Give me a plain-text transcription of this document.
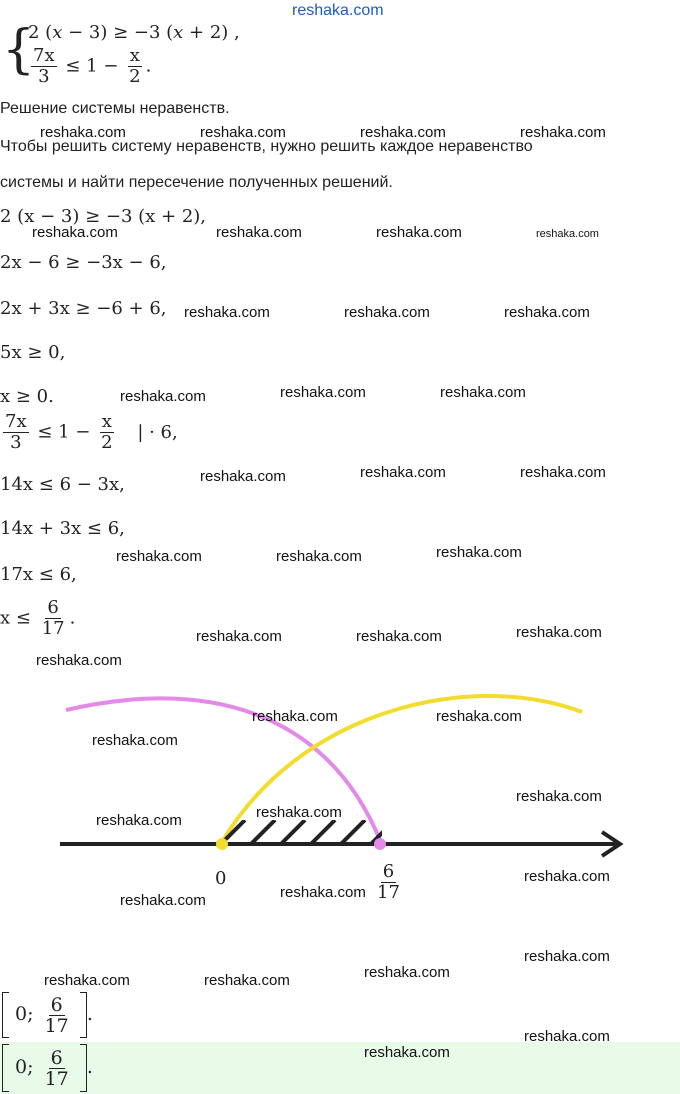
reshaka.com
{
2 (x − 3) ≥ −3 (x + 2) ,
$\frac{7x}{3} \le 1 - \frac{x}{2}$ .
Решение системы неравенств.
Чтобы решить систему неравенств, нужно решить каждое неравенство
системы и найти пересечение полученных решений.
2 (x − 3) ≥ −3 (x + 2),
2x − 6 ≥ −3x − 6,
2x + 3x ≥ −6 + 6,
5x ≥ 0,
x ≥ 0.
$\frac{7x}{3} \le 1 - \frac{x}{2}$ | · 6,
14x ≤ 6 − 3x,
14x + 3x ≤ 6,
17x ≤ 6,
$x \le \frac{6}{17}$ .
0	$\frac{6}{17}$
0; $\frac{6}{17}$ .
0; $\frac{6}{17}$ .
reshaka.com	reshaka.com	reshaka.com	reshaka.com
reshaka.com	reshaka.com	reshaka.com	reshaka.com
reshaka.com	reshaka.com	reshaka.com
reshaka.com	reshaka.com	reshaka.com
reshaka.com	reshaka.com	reshaka.com
reshaka.com	reshaka.com	reshaka.com
reshaka.com	reshaka.com	reshaka.com
reshaka.com
reshaka.com	reshaka.com
reshaka.com
reshaka.com
reshaka.com
reshaka.com
reshaka.com
reshaka.com
reshaka.com
reshaka.com
reshaka.com
reshaka.com	reshaka.com
reshaka.com
reshaka.com
